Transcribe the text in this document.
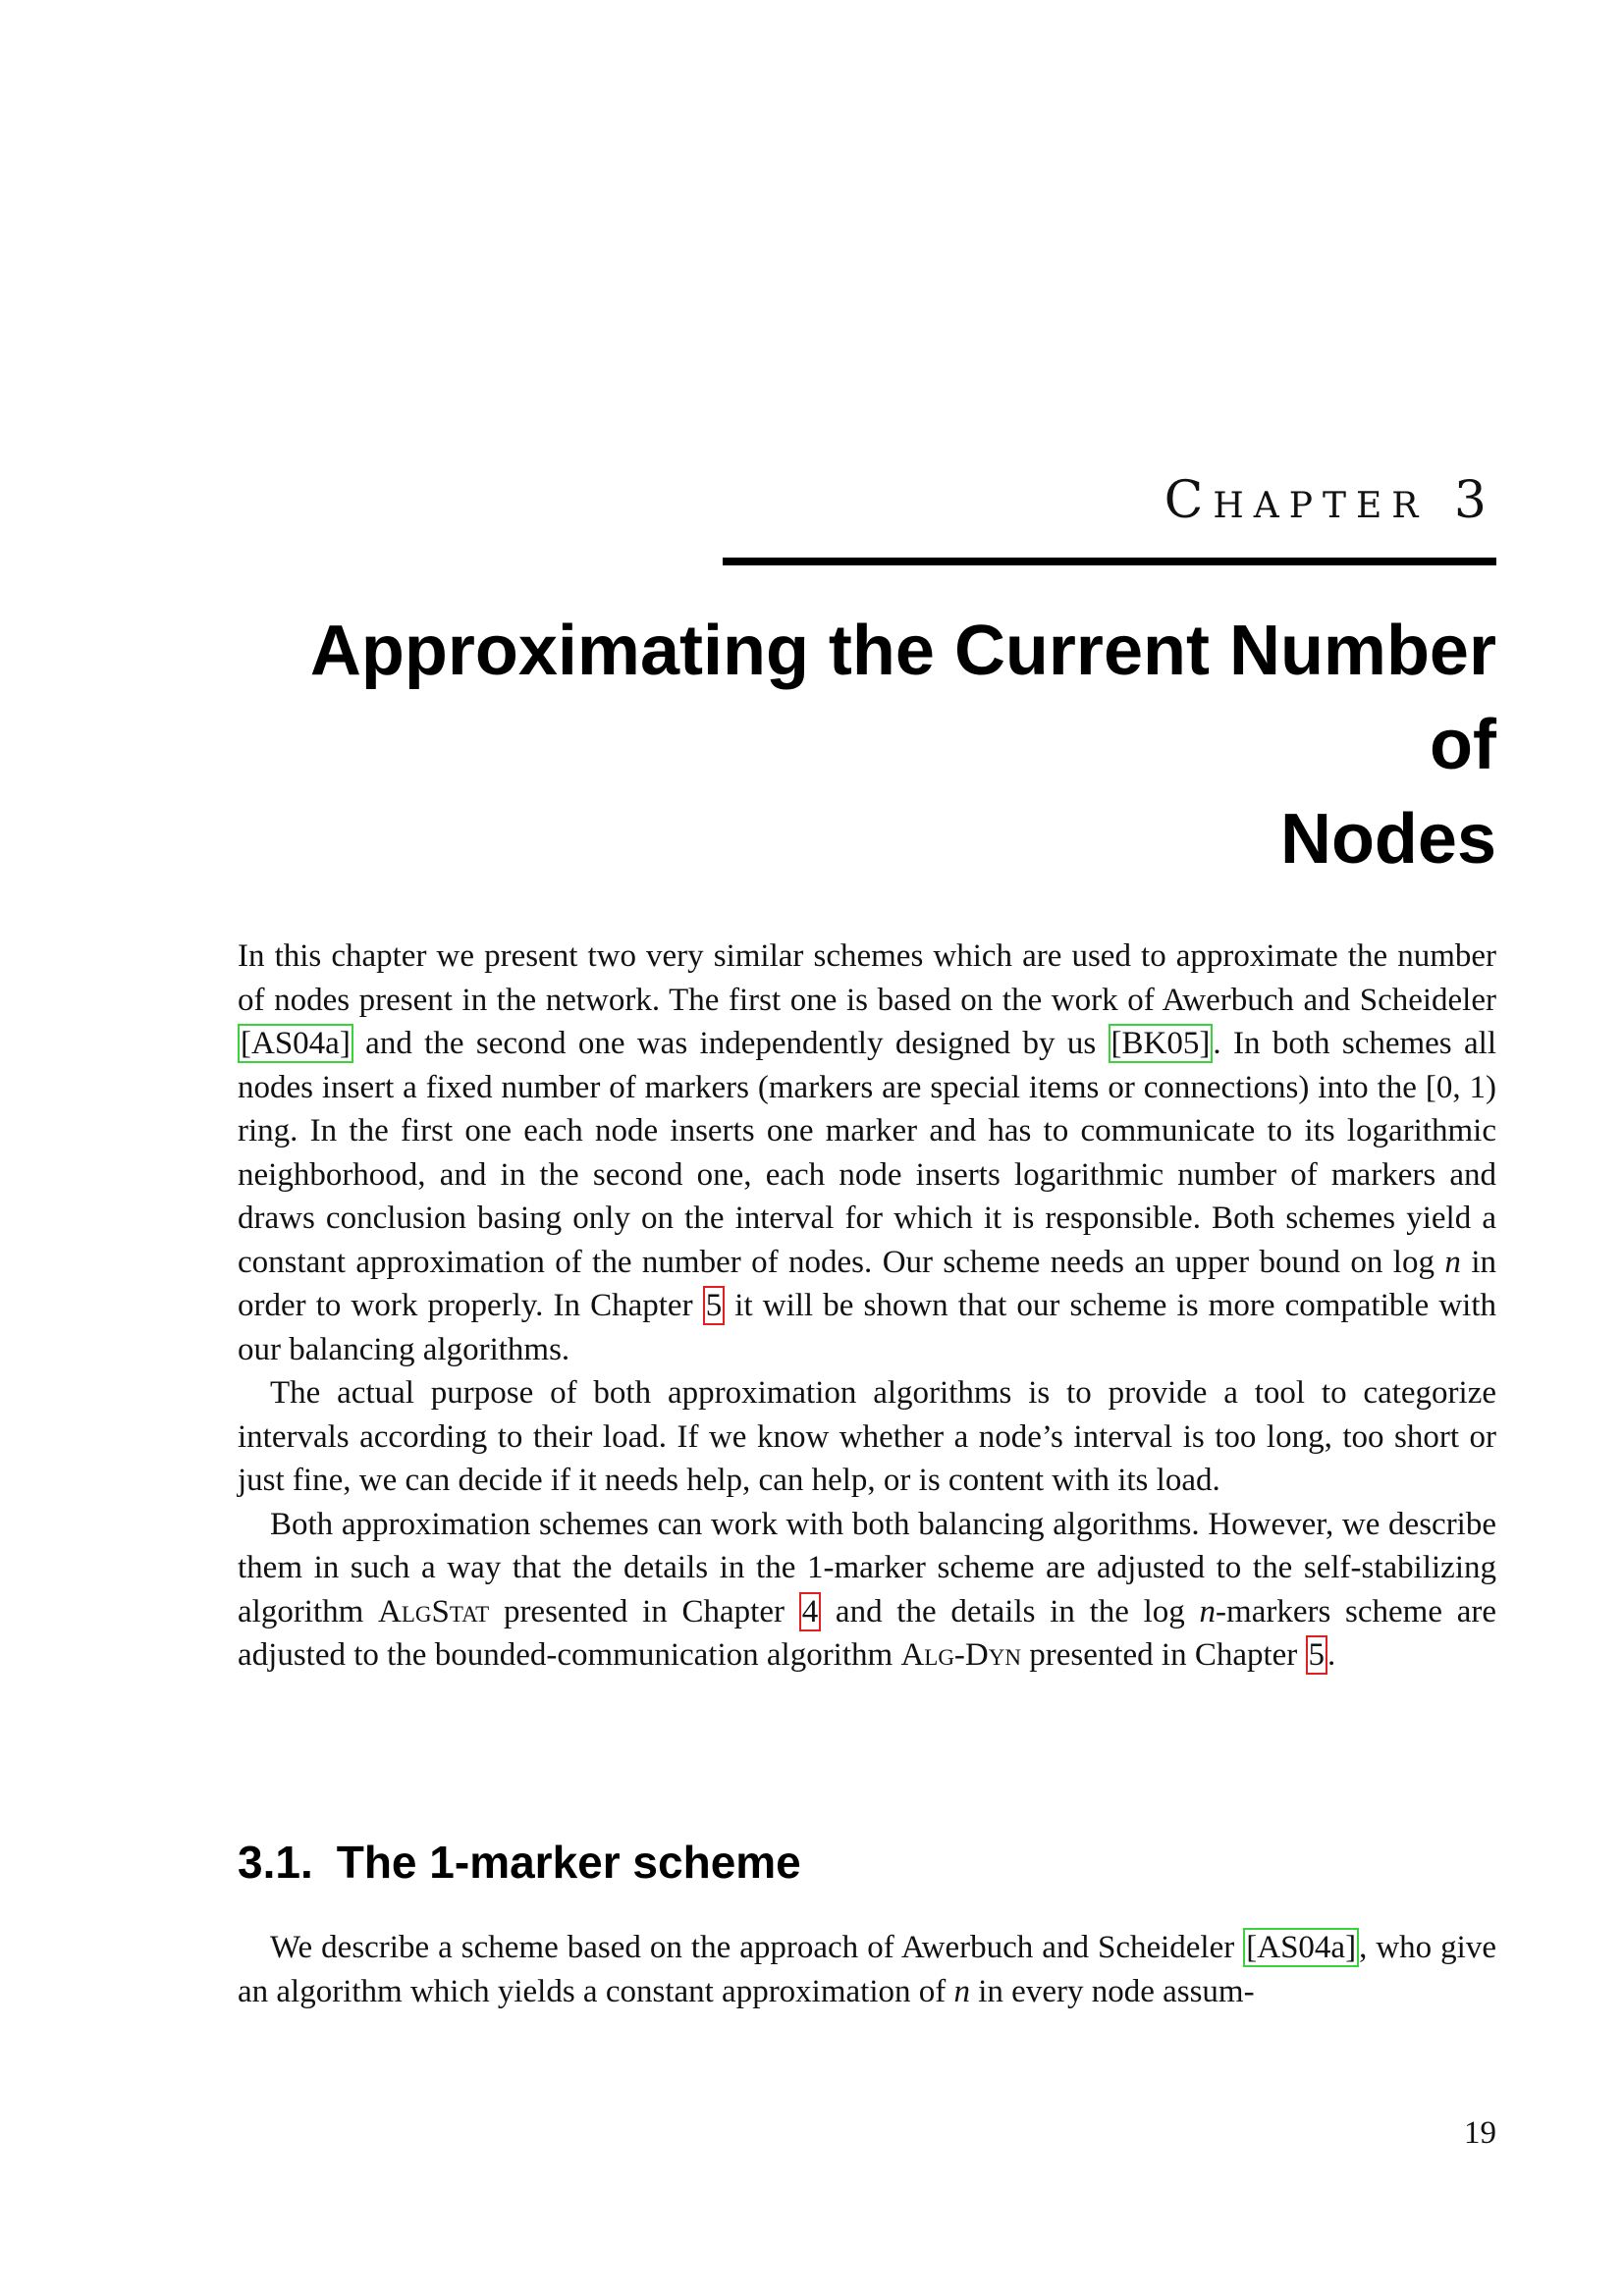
Chapter 3
Approximating the Current Number of
Nodes

In this chapter we present two very similar schemes which are used to approximate the number of nodes present in the network. The first one is based on the work of Awerbuch and Scheideler [AS04a] and the second one was independently designed by us [BK05]. In both schemes all nodes insert a fixed number of markers (markers are special items or connections) into the [0, 1) ring. In the first one each node inserts one marker and has to communicate to its logarithmic neighborhood, and in the second one, each node inserts logarithmic number of markers and draws conclusion basing only on the interval for which it is responsible. Both schemes yield a constant approximation of the number of nodes. Our scheme needs an upper bound on log n in order to work properly. In Chapter 5 it will be shown that our scheme is more compatible with our balancing algorithms.

The actual purpose of both approximation algorithms is to provide a tool to categorize intervals according to their load. If we know whether a node’s interval is too long, too short or just fine, we can decide if it needs help, can help, or is content with its load.

Both approximation schemes can work with both balancing algorithms. However, we describe them in such a way that the details in the 1-marker scheme are adjusted to the self-stabilizing algorithm AlgStat presented in Chapter 4 and the details in the log n-markers scheme are adjusted to the bounded-communication algorithm Alg-Dyn presented in Chapter 5.

3.1. The 1-marker scheme

We describe a scheme based on the approach of Awerbuch and Scheideler [AS04a], who give an algorithm which yields a constant approximation of n in every node assum-

19
